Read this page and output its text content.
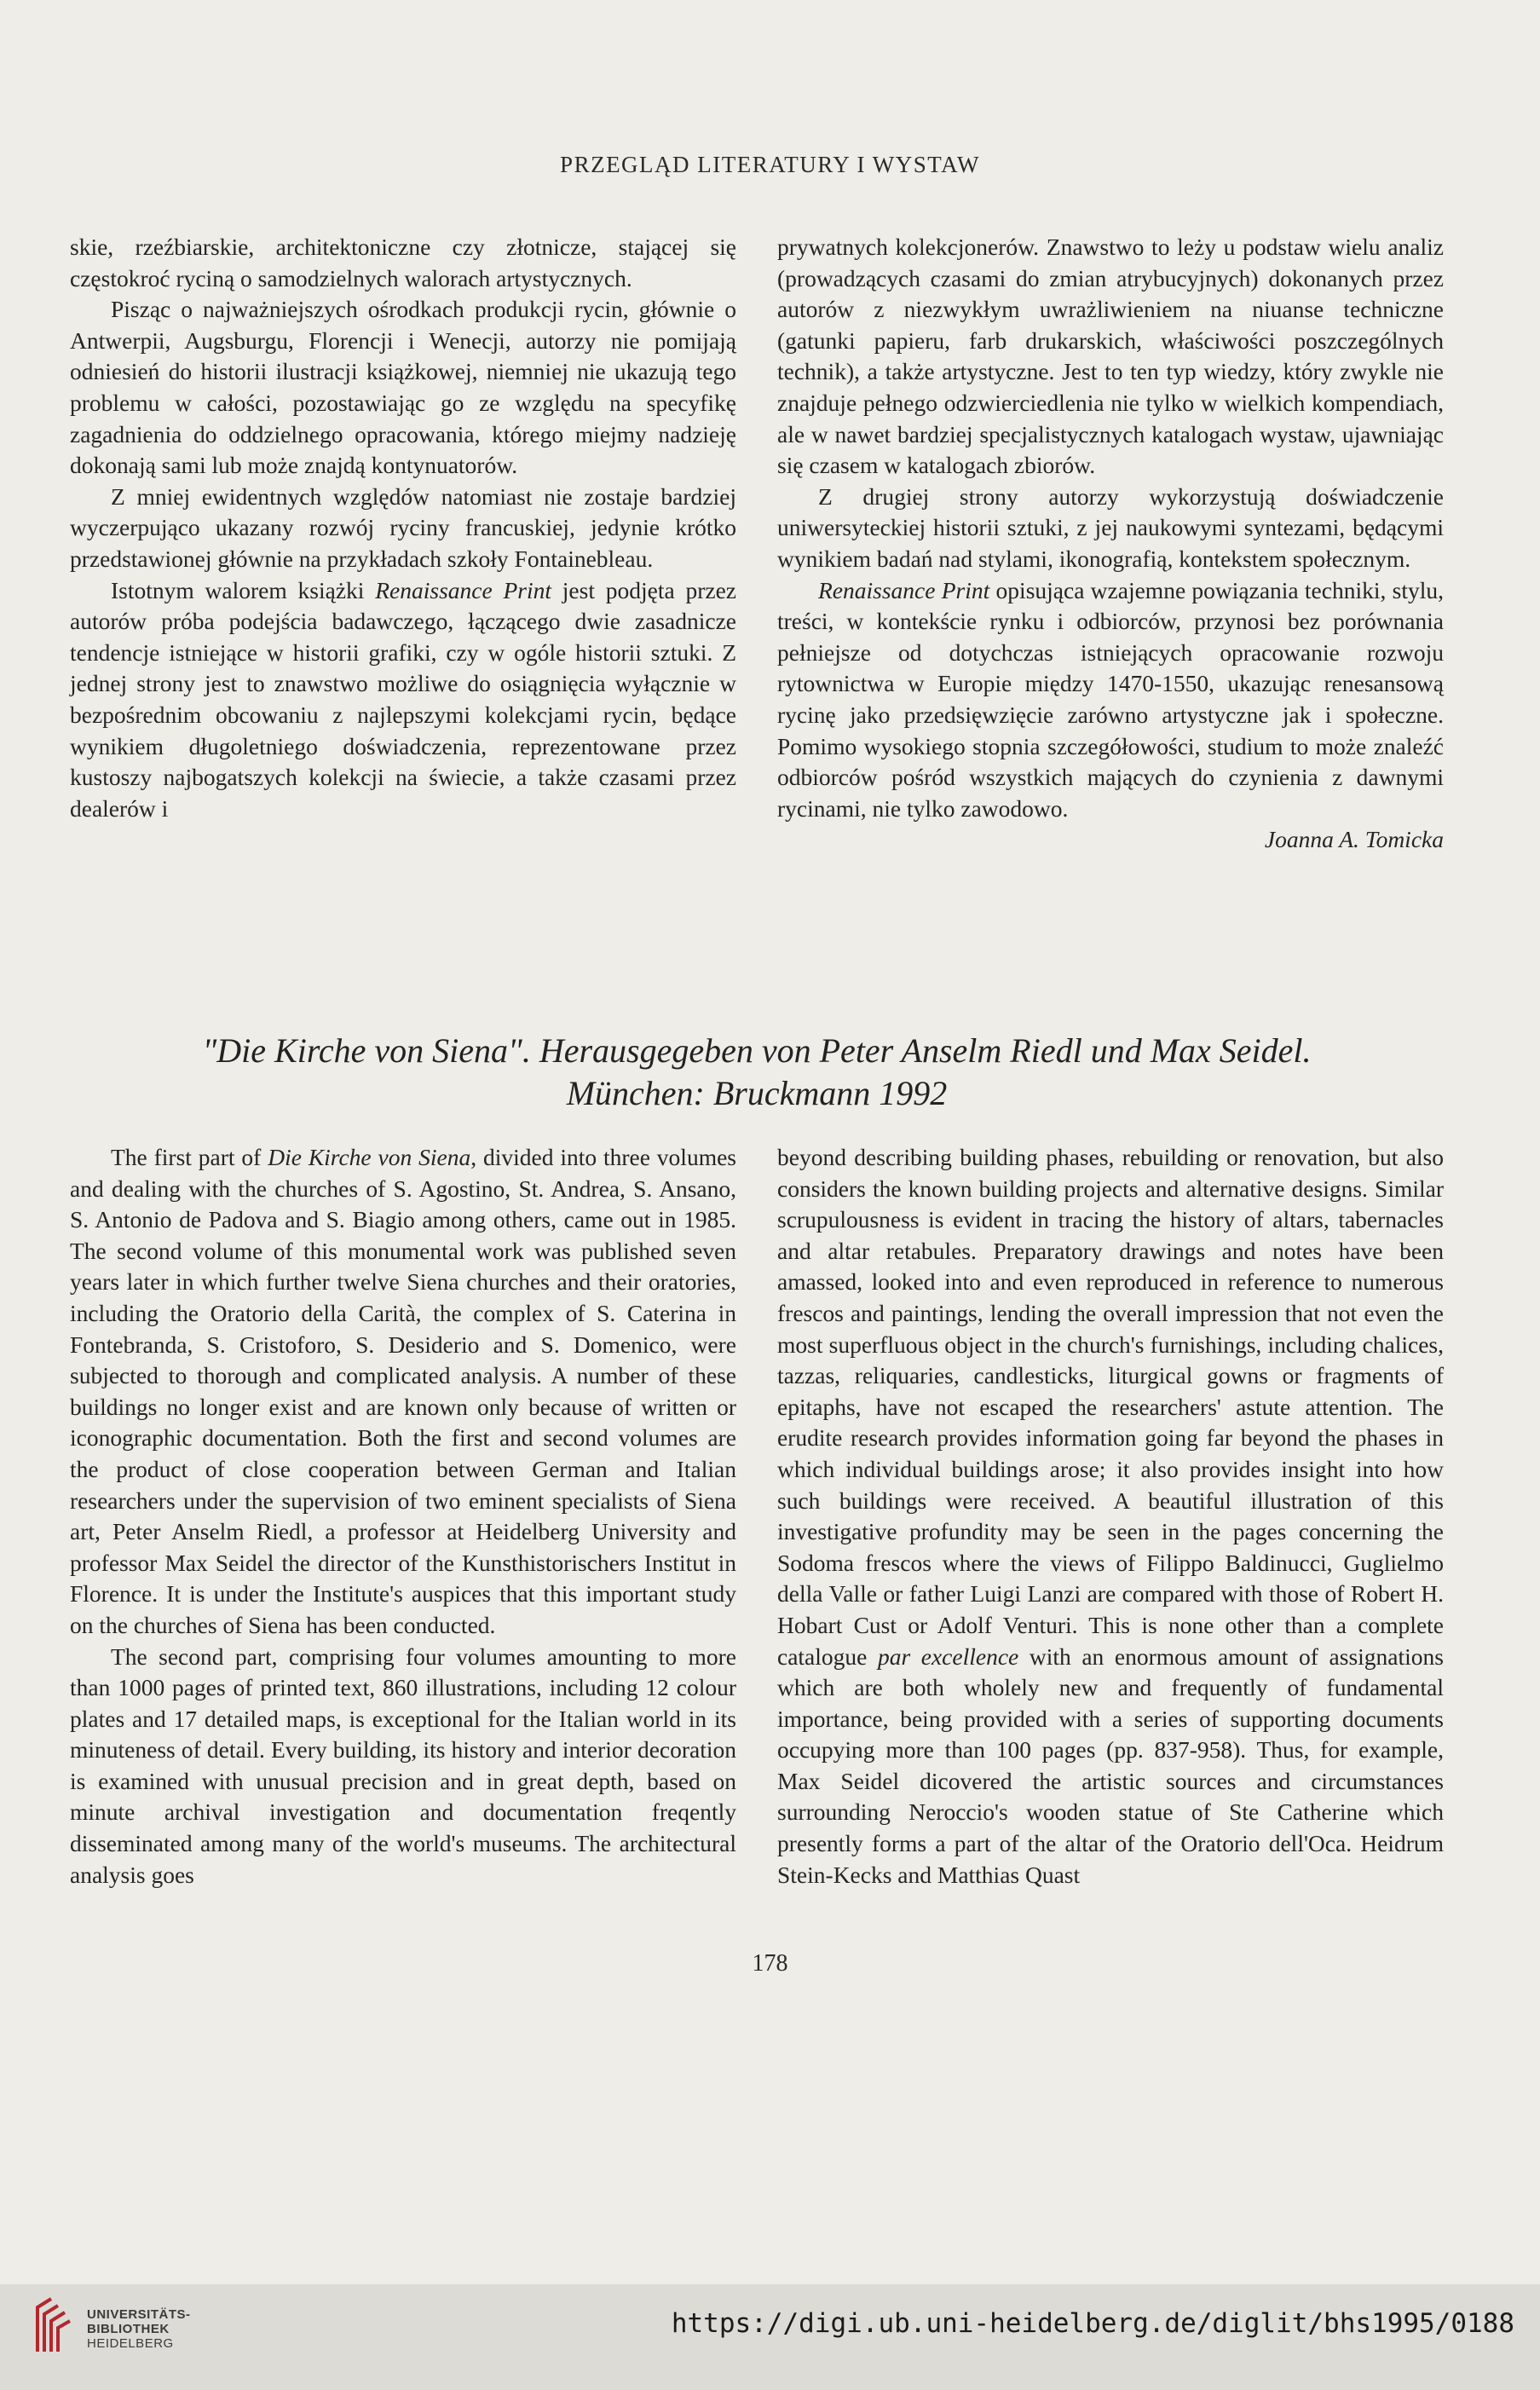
PRZEGLĄD LITERATURY I WYSTAW

skie, rzeźbiarskie, architektoniczne czy złotnicze, stającej się częstokroć ryciną o samodzielnych walorach artystycznych.

Pisząc o najważniejszych ośrodkach produkcji rycin, głównie o Antwerpii, Augsburgu, Florencji i Wenecji, autorzy nie pomijają odniesień do historii ilustracji książkowej, niemniej nie ukazują tego problemu w całości, pozostawiając go ze względu na specyfikę zagadnienia do oddzielnego opracowania, którego miejmy nadzieję dokonają sami lub może znajdą kontynuatorów.

Z mniej ewidentnych względów natomiast nie zostaje bardziej wyczerpująco ukazany rozwój ryciny francuskiej, jedynie krótko przedstawionej głównie na przykładach szkoły Fontainebleau.

Istotnym walorem książki Renaissance Print jest podjęta przez autorów próba podejścia badawczego, łączącego dwie zasadnicze tendencje istniejące w historii grafiki, czy w ogóle historii sztuki. Z jednej strony jest to znawstwo możliwe do osiągnięcia wyłącznie w bezpośrednim obcowaniu z najlepszymi kolekcjami rycin, będące wynikiem długoletniego doświadczenia, reprezentowane przez kustoszy najbogatszych kolekcji na świecie, a także czasami przez dealerów i

prywatnych kolekcjonerów. Znawstwo to leży u podstaw wielu analiz (prowadzących czasami do zmian atrybucyjnych) dokonanych przez autorów z niezwykłym uwrażliwieniem na niuanse techniczne (gatunki papieru, farb drukarskich, właściwości poszczególnych technik), a także artystyczne. Jest to ten typ wiedzy, który zwykle nie znajduje pełnego odzwierciedlenia nie tylko w wielkich kompendiach, ale w nawet bardziej specjalistycznych katalogach wystaw, ujawniając się czasem w katalogach zbiorów.

Z drugiej strony autorzy wykorzystują doświadczenie uniwersyteckiej historii sztuki, z jej naukowymi syntezami, będącymi wynikiem badań nad stylami, ikonografią, kontekstem społecznym.

Renaissance Print opisująca wzajemne powiązania techniki, stylu, treści, w kontekście rynku i odbiorców, przynosi bez porównania pełniejsze od dotychczas istniejących opracowanie rozwoju rytownictwa w Europie między 1470-1550, ukazując renesansową rycinę jako przedsięwzięcie zarówno artystyczne jak i społeczne. Pomimo wysokiego stopnia szczegółowości, studium to może znaleźć odbiorców pośród wszystkich mających do czynienia z dawnymi rycinami, nie tylko zawodowo.

Joanna A. Tomicka

"Die Kirche von Siena". Herausgegeben von Peter Anselm Riedl und Max Seidel.
München: Bruckmann 1992

The first part of Die Kirche von Siena, divided into three volumes and dealing with the churches of S. Agostino, St. Andrea, S. Ansano, S. Antonio de Padova and S. Biagio among others, came out in 1985. The second volume of this monumental work was published seven years later in which further twelve Siena churches and their oratories, including the Oratorio della Carità, the complex of S. Caterina in Fontebranda, S. Cristoforo, S. Desiderio and S. Domenico, were subjected to thorough and complicated analysis. A number of these buildings no longer exist and are known only because of written or iconographic documentation. Both the first and second volumes are the product of close cooperation between German and Italian researchers under the supervision of two eminent specialists of Siena art, Peter Anselm Riedl, a professor at Heidelberg University and professor Max Seidel the director of the Kunsthistorischers Institut in Florence. It is under the Institute's auspices that this important study on the churches of Siena has been conducted.

The second part, comprising four volumes amounting to more than 1000 pages of printed text, 860 illustrations, including 12 colour plates and 17 detailed maps, is exceptional for the Italian world in its minuteness of detail. Every building, its history and interior decoration is examined with unusual precision and in great depth, based on minute archival investigation and documentation freqently disseminated among many of the world's museums. The architectural analysis goes

beyond describing building phases, rebuilding or renovation, but also considers the known building projects and alternative designs. Similar scrupulousness is evident in tracing the history of altars, tabernacles and altar retabules. Preparatory drawings and notes have been amassed, looked into and even reproduced in reference to numerous frescos and paintings, lending the overall impression that not even the most superfluous object in the church's furnishings, including chalices, tazzas, reliquaries, candlesticks, liturgical gowns or fragments of epitaphs, have not escaped the researchers' astute attention. The erudite research provides information going far beyond the phases in which individual buildings arose; it also provides insight into how such buildings were received. A beautiful illustration of this investigative profundity may be seen in the pages concerning the Sodoma frescos where the views of Filippo Baldinucci, Guglielmo della Valle or father Luigi Lanzi are compared with those of Robert H. Hobart Cust or Adolf Venturi. This is none other than a complete catalogue par excellence with an enormous amount of assignations which are both wholely new and frequently of fundamental importance, being provided with a series of supporting documents occupying more than 100 pages (pp. 837-958). Thus, for example, Max Seidel dicovered the artistic sources and circumstances surrounding Neroccio's wooden statue of Ste Catherine which presently forms a part of the altar of the Oratorio dell'Oca. Heidrum Stein-Kecks and Matthias Quast

178
UNIVERSITÄTS-
BIBLIOTHEK
HEIDELBERG
https://digi.ub.uni-heidelberg.de/diglit/bhs1995/0188
